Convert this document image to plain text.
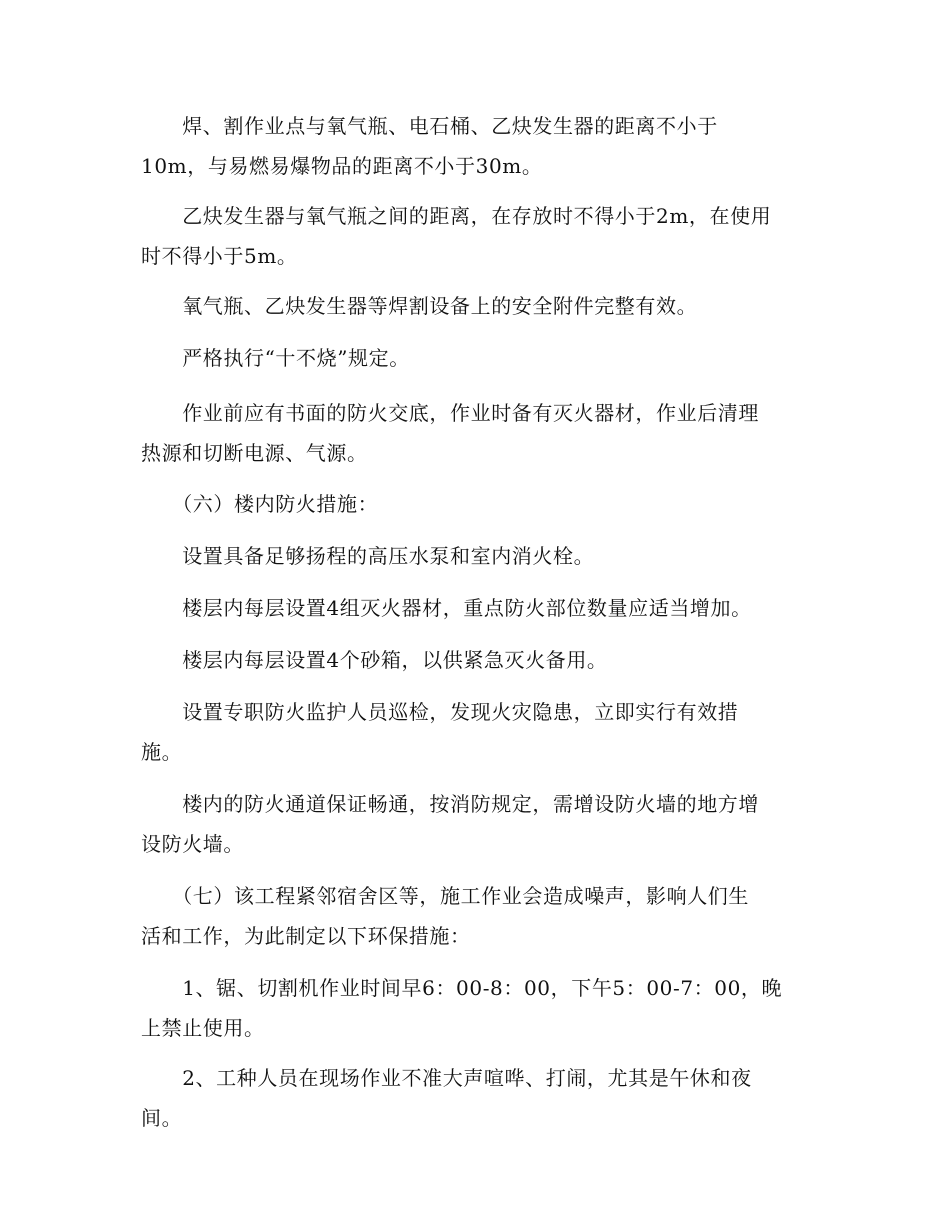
　　焊、割作业点与氧气瓶、电石桶、乙炔发生器的距离不小于
10m，与易燃易爆物品的距离不小于30m。

　　乙炔发生器与氧气瓶之间的距离，在存放时不得小于2m，在使用
时不得小于5m。

　　氧气瓶、乙炔发生器等焊割设备上的安全附件完整有效。

　　严格执行“十不烧”规定。

　　作业前应有书面的防火交底，作业时备有灭火器材，作业后清理
热源和切断电源、气源。

　　（六）楼内防火措施：

　　设置具备足够扬程的高压水泵和室内消火栓。

　　楼层内每层设置4组灭火器材，重点防火部位数量应适当增加。

　　楼层内每层设置4个砂箱，以供紧急灭火备用。

　　设置专职防火监护人员巡检，发现火灾隐患，立即实行有效措
施。

　　楼内的防火通道保证畅通，按消防规定，需增设防火墙的地方增
设防火墙。

　　（七）该工程紧邻宿舍区等，施工作业会造成噪声，影响人们生
活和工作，为此制定以下环保措施：

　　1、锯、切割机作业时间早6：00-8：00，下午5：00-7：00，晚
上禁止使用。

　　2、工种人员在现场作业不准大声喧哗、打闹，尤其是午休和夜
间。
